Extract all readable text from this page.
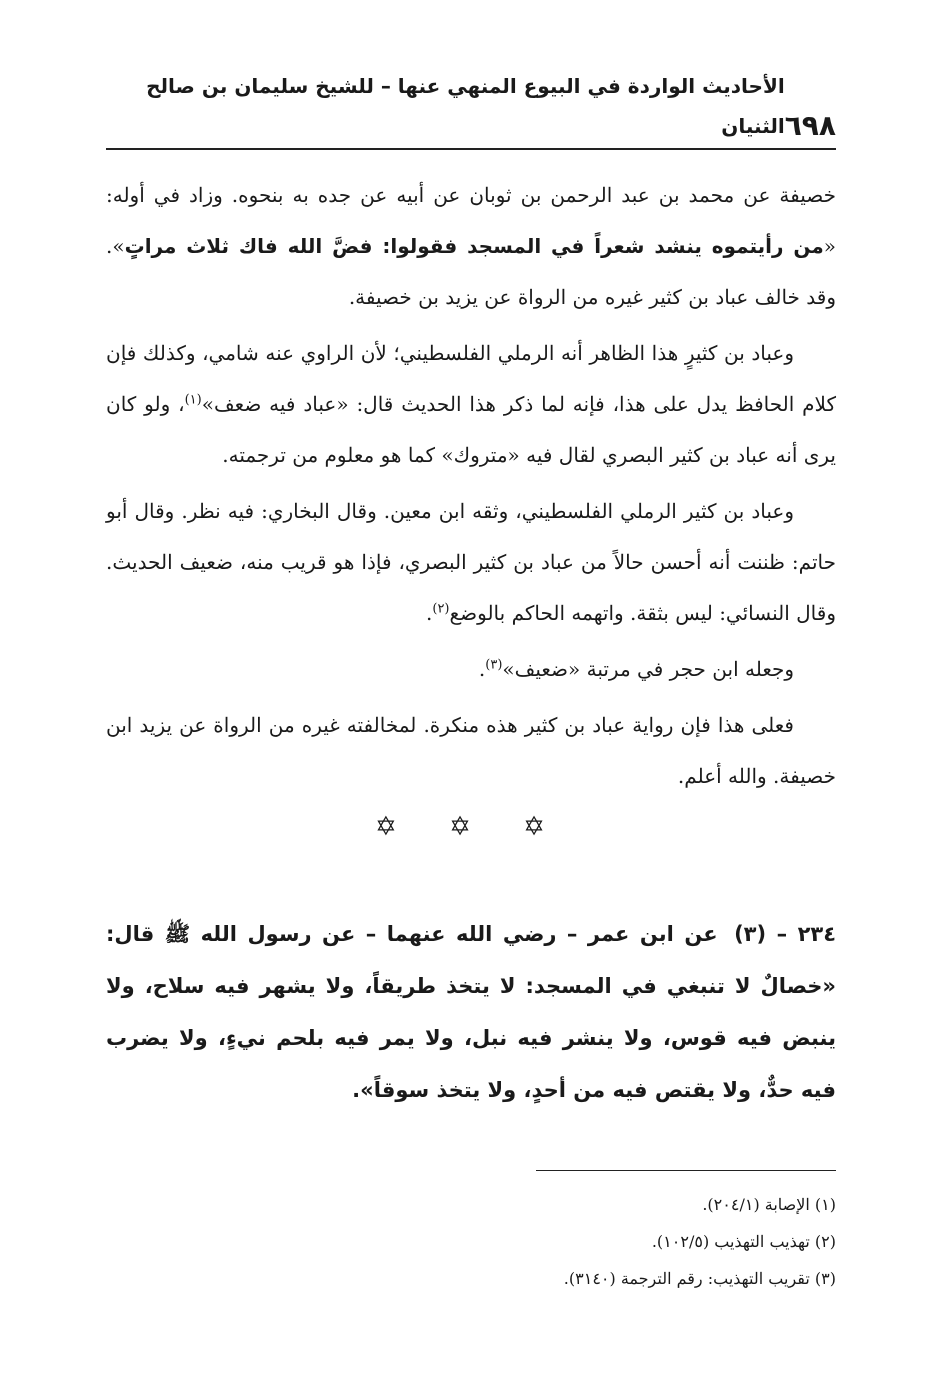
٦٩٨
الأحاديث الواردة في البيوع المنهي عنها – للشيخ سليمان بن صالح الثنيان

خصيفة عن محمد بن عبد الرحمن بن ثوبان عن أبيه عن جده به بنحوه. وزاد في أوله: «من رأيتموه ينشد شعراً في المسجد فقولوا: فضَّ الله فاك ثلاث مراتٍ». وقد خالف عباد بن كثير غيره من الرواة عن يزيد بن خصيفة.

وعباد بن كثيرٍ هذا الظاهر أنه الرملي الفلسطيني؛ لأن الراوي عنه شامي، وكذلك فإن كلام الحافظ يدل على هذا، فإنه لما ذكر هذا الحديث قال: «عباد فيه ضعف»$^{(١)}$، ولو كان يرى أنه عباد بن كثير البصري لقال فيه «متروك» كما هو معلوم من ترجمته.

وعباد بن كثير الرملي الفلسطيني، وثقه ابن معين. وقال البخاري: فيه نظر. وقال أبو حاتم: ظننت أنه أحسن حالاً من عباد بن كثير البصري، فإذا هو قريب منه، ضعيف الحديث. وقال النسائي: ليس بثقة. واتهمه الحاكم بالوضع$^{(٢)}$.

وجعله ابن حجر في مرتبة «ضعيف»$^{(٣)}$.

فعلى هذا فإن رواية عباد بن كثير هذه منكرة. لمخالفته غيره من الرواة عن يزيد ابن خصيفة. والله أعلم.

✡ ✡ ✡
٢٣٤ – (٣) عن ابن عمر – رضي الله عنهما – عن رسول الله ﷺ قال: «خصالٌ لا تنبغي في المسجد: لا يتخذ طريقاً، ولا يشهر فيه سلاح، ولا ينبض فيه قوس، ولا ينشر فيه نبل، ولا يمر فيه بلحم نيءٍ، ولا يضرب فيه حدٌّ، ولا يقتص فيه من أحدٍ، ولا يتخذ سوقاً».

(١) الإصابة (٢٠٤/١).

(٢) تهذيب التهذيب (١٠٢/٥).

(٣) تقريب التهذيب: رقم الترجمة (٣١٤٠).
